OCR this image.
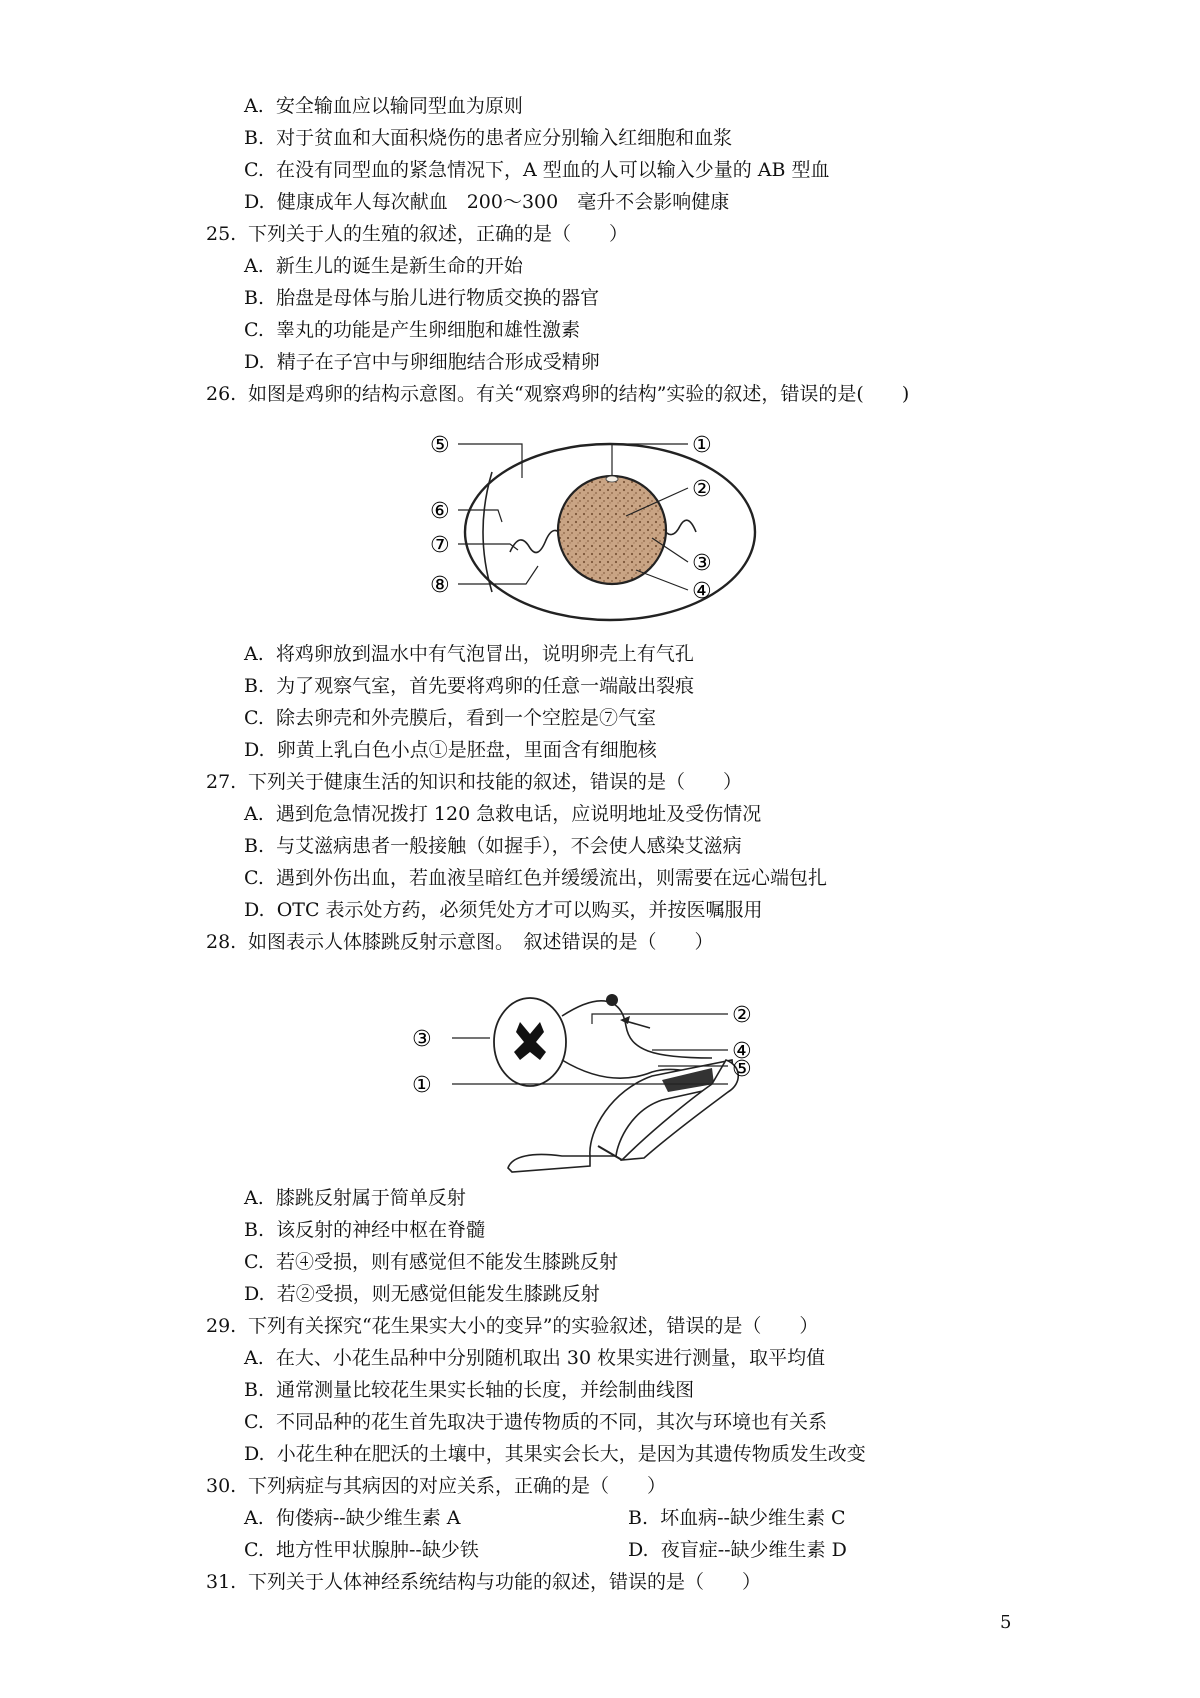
A. 安全输血应以输同型血为原则
B. 对于贫血和大面积烧伤的患者应分别输入红细胞和血浆
C. 在没有同型血的紧急情况下，A 型血的人可以输入少量的 AB 型血
D. 健康成年人每次献血　200～300　毫升不会影响健康
25. 下列关于人的生殖的叙述，正确的是（　　）
A. 新生儿的诞生是新生命的开始
B. 胎盘是母体与胎儿进行物质交换的器官
C. 睾丸的功能是产生卵细胞和雄性激素
D. 精子在子宫中与卵细胞结合形成受精卵
26. 如图是鸡卵的结构示意图。有关“观察鸡卵的结构”实验的叙述，错误的是(　　)
⑤
⑥
⑦
⑧
①
②
③
④
A. 将鸡卵放到温水中有气泡冒出，说明卵壳上有气孔
B. 为了观察气室，首先要将鸡卵的任意一端敲出裂痕
C. 除去卵壳和外壳膜后，看到一个空腔是⑦气室
D. 卵黄上乳白色小点①是胚盘，里面含有细胞核
27. 下列关于健康生活的知识和技能的叙述，错误的是（　　）
A. 遇到危急情况拨打 120 急救电话，应说明地址及受伤情况
B. 与艾滋病患者一般接触（如握手），不会使人感染艾滋病
C. 遇到外伤出血，若血液呈暗红色并缓缓流出，则需要在远心端包扎
D. OTC 表示处方药，必须凭处方才可以购买，并按医嘱服用
28. 如图表示人体膝跳反射示意图。　叙述错误的是（　　）
②
③	④
⑤
①
A. 膝跳反射属于简单反射
B. 该反射的神经中枢在脊髓
C. 若④受损，则有感觉但不能发生膝跳反射
D. 若②受损，则无感觉但能发生膝跳反射
29. 下列有关探究“花生果实大小的变异”的实验叙述，错误的是（　　）
A. 在大、小花生品种中分别随机取出 30 枚果实进行测量，取平均值
B. 通常测量比较花生果实长轴的长度，并绘制曲线图
C. 不同品种的花生首先取决于遗传物质的不同，其次与环境也有关系
D. 小花生种在肥沃的土壤中，其果实会长大，是因为其遗传物质发生改变
30. 下列病症与其病因的对应关系，正确的是（　　）
A. 佝偻病--缺少维生素 A	B. 坏血病--缺少维生素 C
C. 地方性甲状腺肿--缺少铁	D. 夜盲症--缺少维生素 D
31. 下列关于人体神经系统结构与功能的叙述，错误的是（　　）
5
